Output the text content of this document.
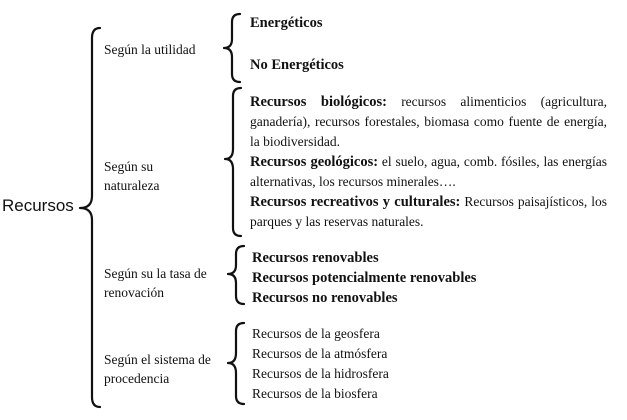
Recursos
Según la utilidad
Según su naturaleza
Según su la tasa de renovación
Según el sistema de procedencia
Energéticos
No Energéticos
Recursos biológicos: recursos alimenticios (agricultura, ganadería), recursos forestales, biomasa como fuente de energía, la biodiversidad.
Recursos geológicos: el suelo, agua, comb. fósiles, las energías alternativas, los recursos minerales….
Recursos recreativos y culturales: Recursos paisajísticos, los parques y las reservas naturales.
Recursos renovables
Recursos potencialmente renovables
Recursos no renovables
Recursos de la geosfera
Recursos de la atmósfera
Recursos de la hidrosfera
Recursos de la biosfera
